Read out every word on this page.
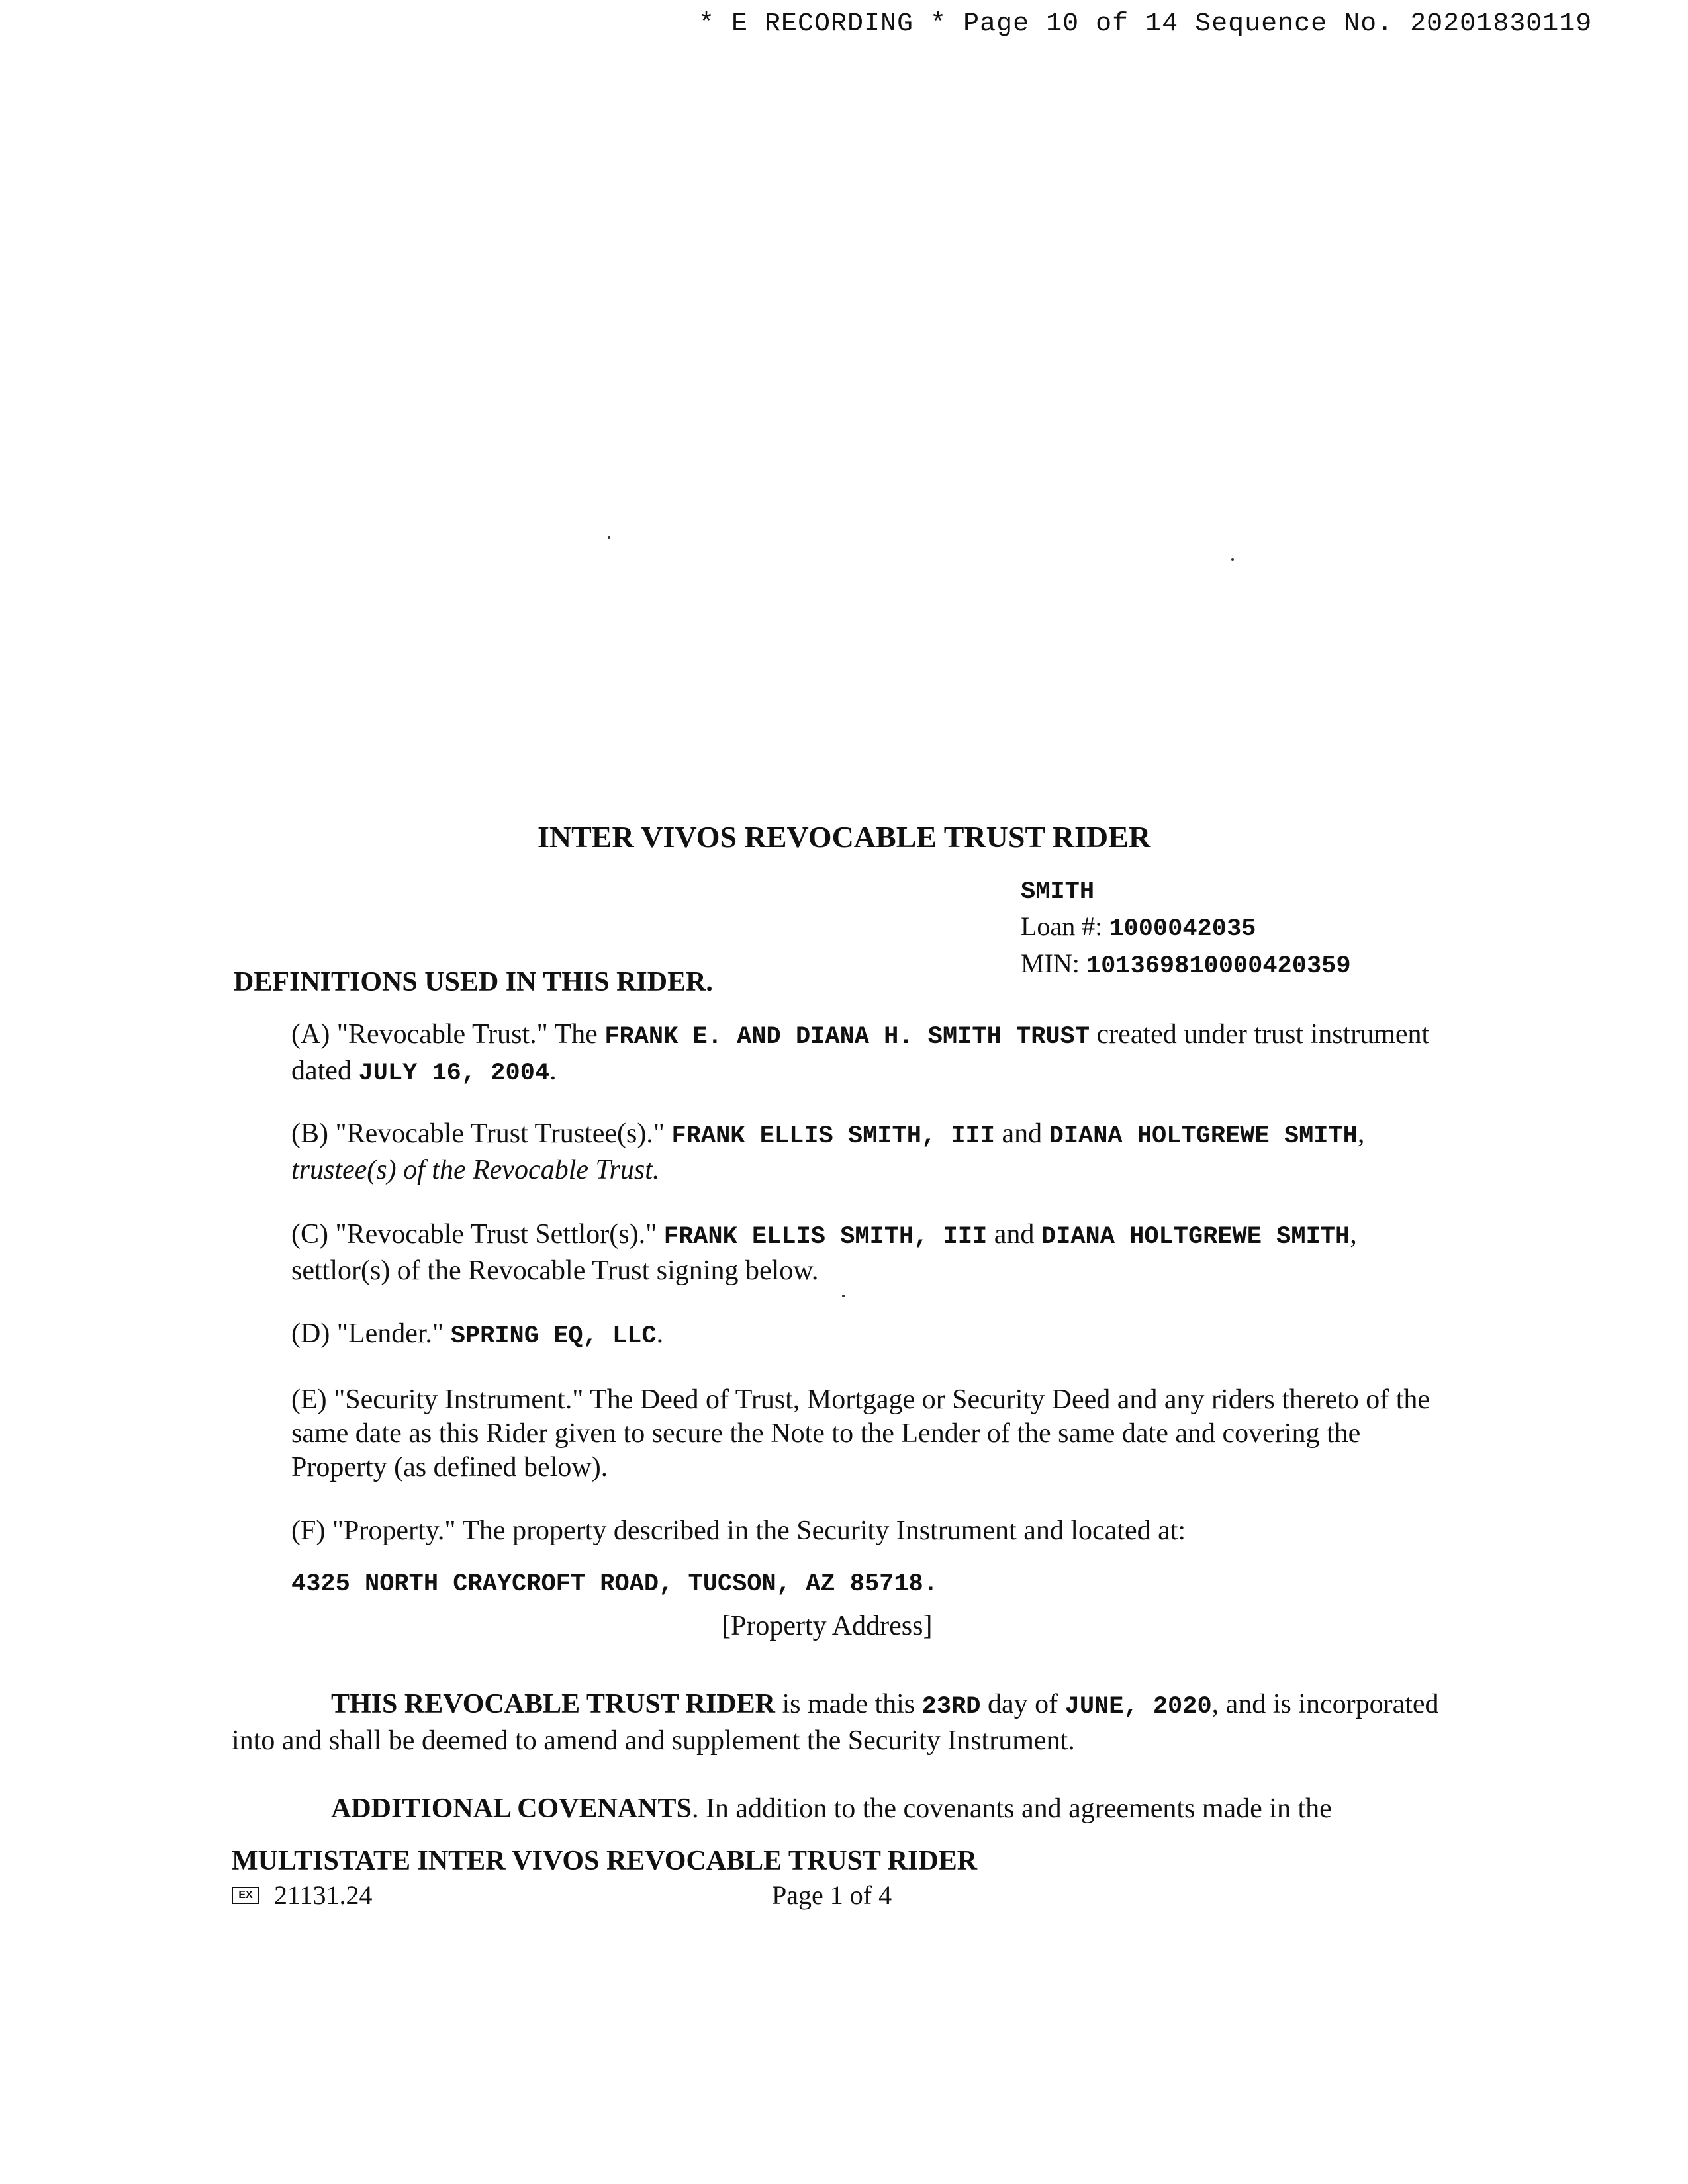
* E RECORDING * Page 10 of 14 Sequence No. 20201830119
INTER VIVOS REVOCABLE TRUST RIDER
SMITH
Loan #: 1000042035
MIN: 101369810000420359
DEFINITIONS USED IN THIS RIDER.
(A) "Revocable Trust." The FRANK E. AND DIANA H. SMITH TRUST created under trust instrument dated JULY 16, 2004.
(B) "Revocable Trust Trustee(s)." FRANK ELLIS SMITH, III and DIANA HOLTGREWE SMITH, trustee(s) of the Revocable Trust.
(C) "Revocable Trust Settlor(s)." FRANK ELLIS SMITH, III and DIANA HOLTGREWE SMITH, settlor(s) of the Revocable Trust signing below.
(D) "Lender." SPRING EQ, LLC.
(E) "Security Instrument." The Deed of Trust, Mortgage or Security Deed and any riders thereto of the same date as this Rider given to secure the Note to the Lender of the same date and covering the Property (as defined below).
(F) "Property." The property described in the Security Instrument and located at:
4325 NORTH CRAYCROFT ROAD, TUCSON, AZ 85718.
[Property Address]
THIS REVOCABLE TRUST RIDER is made this 23RD day of JUNE, 2020, and is incorporated into and shall be deemed to amend and supplement the Security Instrument.
ADDITIONAL COVENANTS. In addition to the covenants and agreements made in the
MULTISTATE INTER VIVOS REVOCABLE TRUST RIDER
EX 21131.24	Page 1 of 4
